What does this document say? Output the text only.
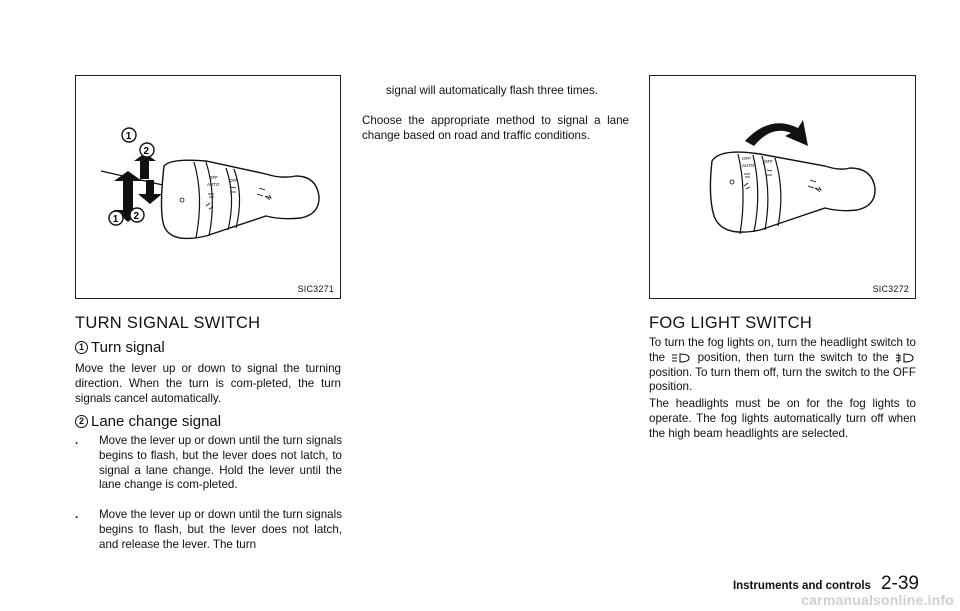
OFF
AUTO
OFF
1
2
1 2
SIC3271
TURN SIGNAL SWITCH
1 Turn signal

Move the lever up or down to signal the turning direction. When the turn is com-pleted, the turn signals cancel automatically.

2 Lane change signal
. Move the lever up or down until the turn signals begins to flash, but the lever does not latch, to signal a lane change. Hold the lever until the lane change is com-pleted.
. Move the lever up or down until the turn signals begins to flash, but the lever does not latch, and release the lever. The turn

signal will automatically flash three times.

Choose the appropriate method to signal a lane change based on road and traffic conditions.

OFF
AUTO
OFF
SIC3272
FOG LIGHT SWITCH

To turn the fog lights on, turn the headlight switch to the	position, then turn the switch to the  position. To turn them off, turn the switch to the OFF position.

The headlights must be on for the fog lights to operate. The fog lights automatically turn off when the high beam headlights are selected.

Instruments and controls 2-39
carmanualsonline.info
